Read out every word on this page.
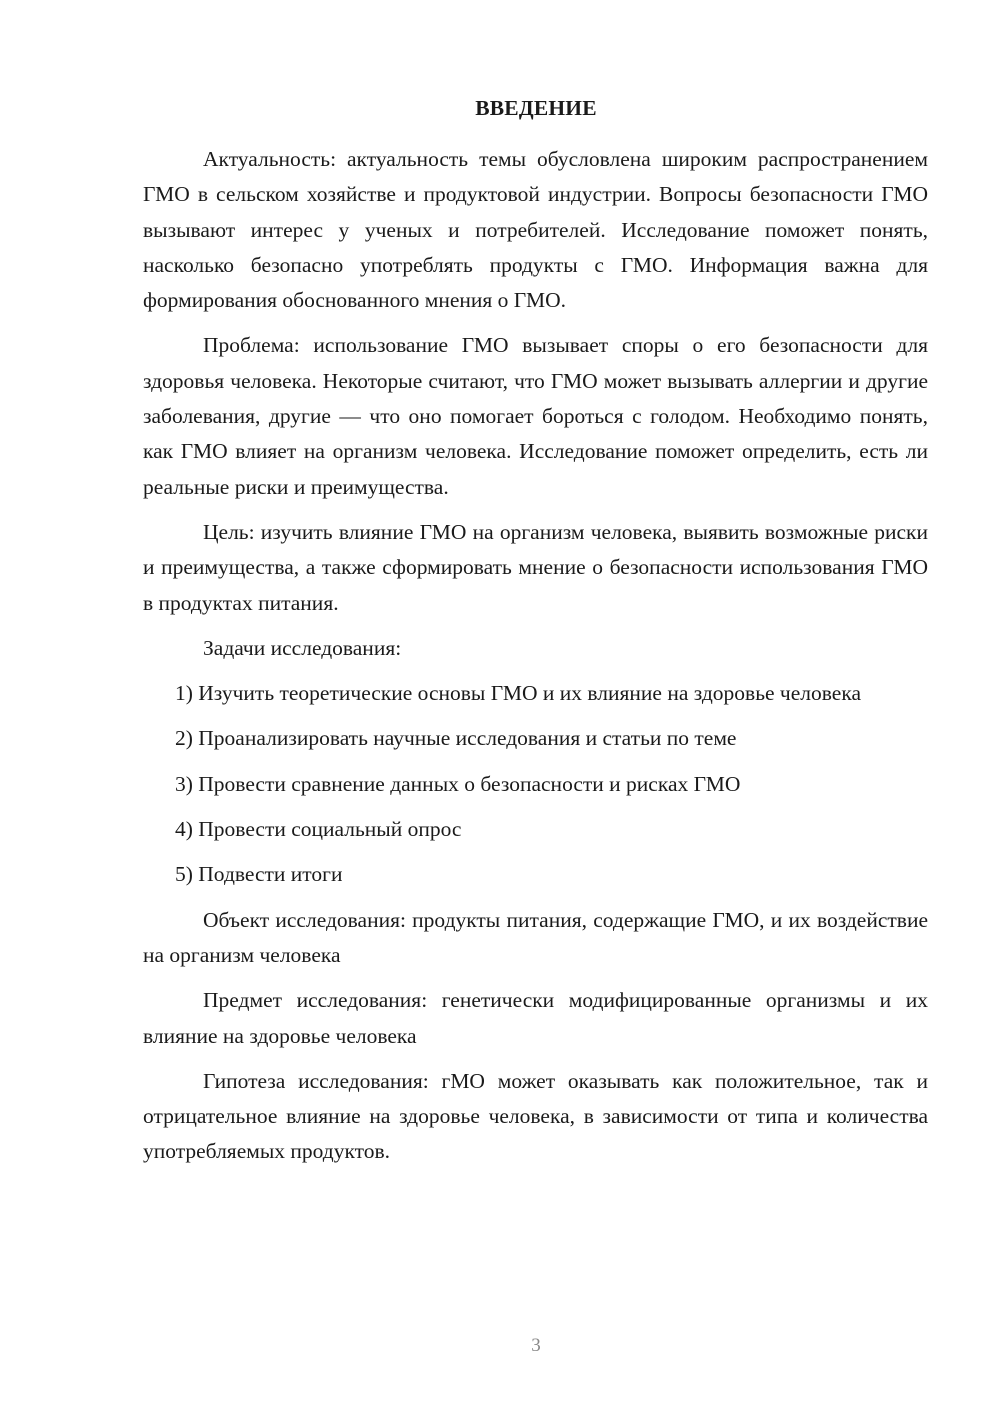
ВВЕДЕНИЕ

Актуальность: актуальность темы обусловлена широким распространением ГМО в сельском хозяйстве и продуктовой индустрии. Вопросы безопасности ГМО вызывают интерес у ученых и потребителей. Исследование поможет понять, насколько безопасно употреблять продукты с ГМО. Информация важна для формирования обоснованного мнения о ГМО.

Проблема: использование ГМО вызывает споры о его безопасности для здоровья человека. Некоторые считают, что ГМО может вызывать аллергии и другие заболевания, другие — что оно помогает бороться с голодом. Необходимо понять, как ГМО влияет на организм человека. Исследование поможет определить, есть ли реальные риски и преимущества.

Цель: изучить влияние ГМО на организм человека, выявить возможные риски и преимущества, а также сформировать мнение о безопасности использования ГМО в продуктах питания.

Задачи исследования:

1) Изучить теоретические основы ГМО и их влияние на здоровье человека

2) Проанализировать научные исследования и статьи по теме

3) Провести сравнение данных о безопасности и рисках ГМО

4) Провести социальный опрос

5) Подвести итоги

Объект исследования: продукты питания, содержащие ГМО, и их воздействие на организм человека

Предмет исследования: генетически модифицированные организмы и их влияние на здоровье человека

Гипотеза исследования: гМО может оказывать как положительное, так и отрицательное влияние на здоровье человека, в зависимости от типа и количества употребляемых продуктов.

3
